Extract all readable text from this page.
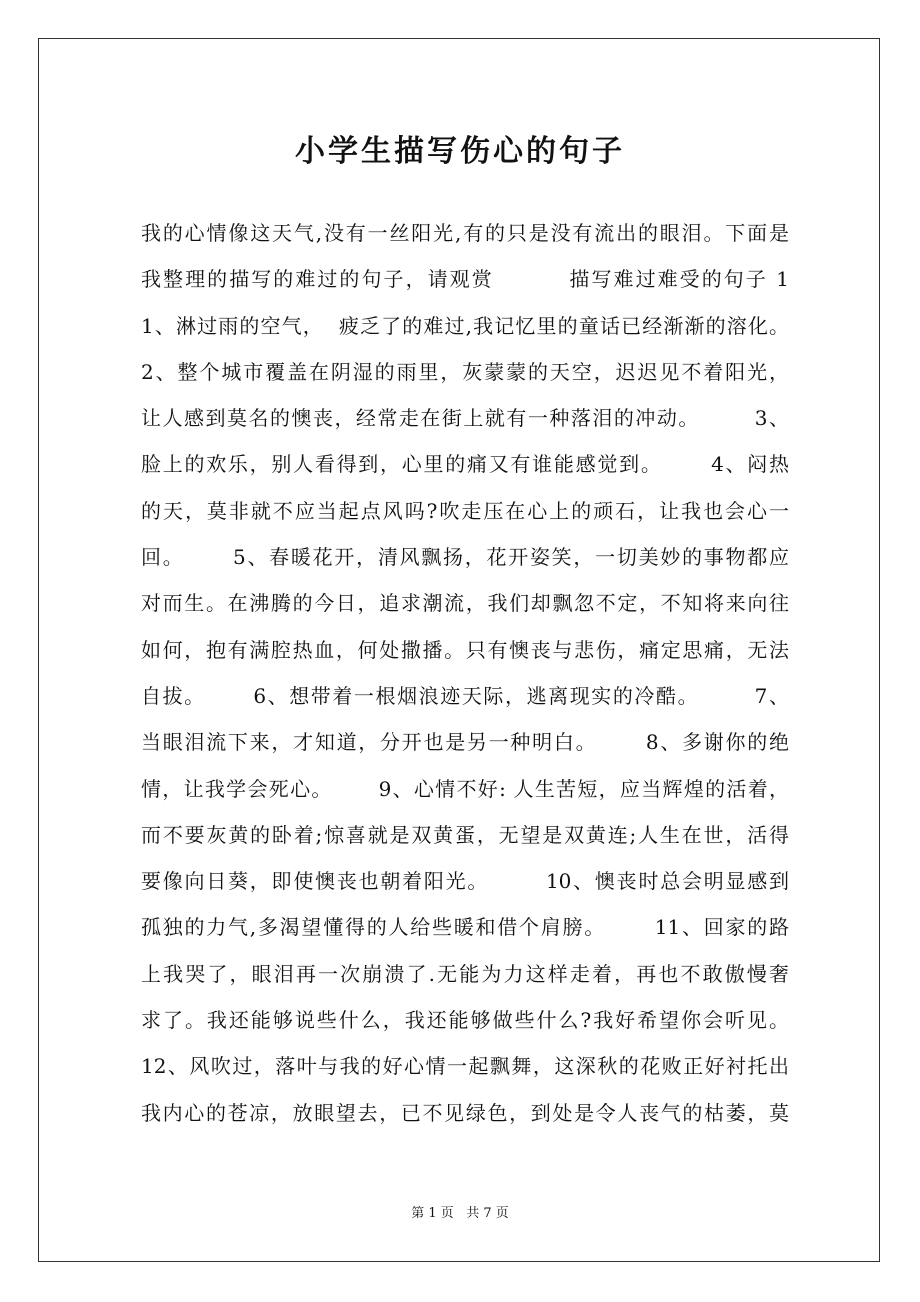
小学生描写伤心的句子
我的心情像这天气,没有一丝阳光,有的只是没有流出的眼泪。下面是
我整理的描写的难过的句子，请观赏         描写难过难受的句子 1
1、淋过雨的空气，  疲乏了的难过,我记忆里的童话已经渐渐的溶化。
2、整个城市覆盖在阴湿的雨里，灰蒙蒙的天空，迟迟见不着阳光，
让人感到莫名的懊丧，经常走在街上就有一种落泪的冲动。       3、
脸上的欢乐，别人看得到，心里的痛又有谁能感觉到。      4、闷热
的天，莫非就不应当起点风吗?吹走压在心上的顽石，让我也会心一
回。      5、春暖花开，清风飘扬，花开姿笑，一切美妙的事物都应
对而生。在沸腾的今日，追求潮流，我们却飘忽不定，不知将来向往
如何，抱有满腔热血，何处撒播。只有懊丧与悲伤，痛定思痛，无法
自拔。      6、想带着一根烟浪迹天际，逃离现实的冷酷。       7、
当眼泪流下来，才知道，分开也是另一种明白。      8、多谢你的绝
情，让我学会死心。      9、心情不好: 人生苦短，应当辉煌的活着，
而不要灰黄的卧着;惊喜就是双黄蛋，无望是双黄连;人生在世，活得
要像向日葵，即使懊丧也朝着阳光。       10、懊丧时总会明显感到
孤独的力气,多渴望懂得的人给些暖和借个肩膀。      11、回家的路
上我哭了，眼泪再一次崩溃了.无能为力这样走着，再也不敢傲慢奢
求了。我还能够说些什么，我还能够做些什么?我好希望你会听见。
12、风吹过，落叶与我的好心情一起飘舞，这深秋的花败正好衬托出
我内心的苍凉，放眼望去，已不见绿色，到处是令人丧气的枯萎，莫
第 1 页 共 7 页
